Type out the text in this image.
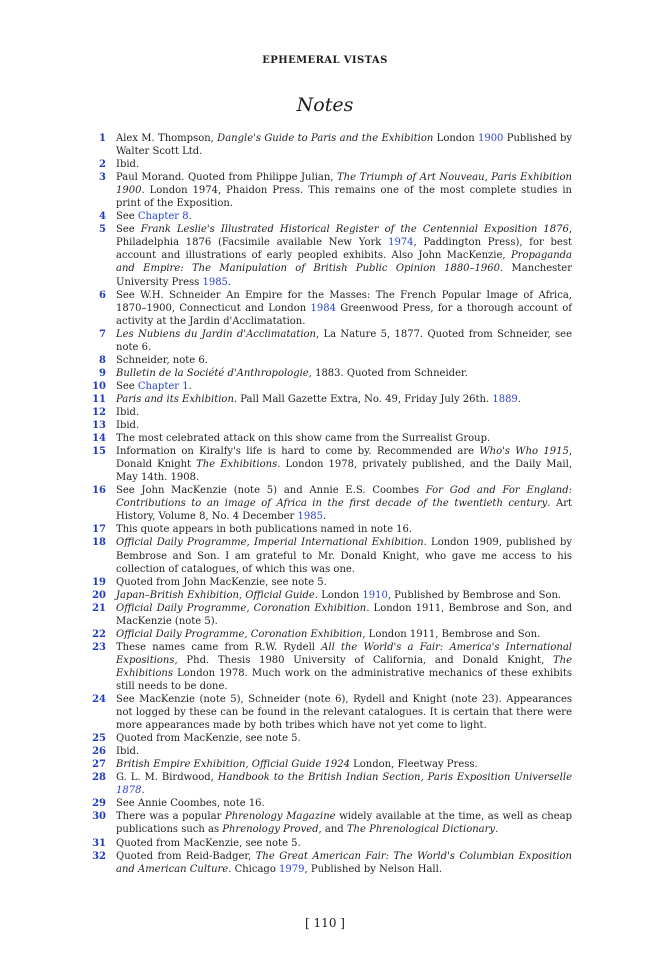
EPHEMERAL VISTAS
Notes
1	Alex M. Thompson, Dangle's Guide to Paris and the Exhibition London 1900 Published by Walter Scott Ltd.
2	Ibid.
3	Paul Morand. Quoted from Philippe Julian, The Triumph of Art Nouveau, Paris Exhibition 1900. London 1974, Phaidon Press. This remains one of the most complete studies in print of the Exposition.
4	See Chapter 8.
5	See Frank Leslie's Illustrated Historical Register of the Centennial Exposition 1876, Philadelphia 1876 (Facsimile available New York 1974, Paddington Press), for best account and illustrations of early peopled exhibits. Also John MacKenzie, Propaganda and Empire: The Manipulation of British Public Opinion 1880–1960. Manchester University Press 1985.
6	See W.H. Schneider An Empire for the Masses: The French Popular Image of Africa, 1870–1900, Connecticut and London 1984 Greenwood Press, for a thorough account of activity at the Jardin d'Acclimatation.
7	Les Nubiens du Jardin d'Acclimatation, La Nature 5, 1877. Quoted from Schneider, see note 6.
8	Schneider, note 6.
9	Bulletin de la Société d'Anthropologie, 1883. Quoted from Schneider.
10	See Chapter 1.
11	Paris and its Exhibition. Pall Mall Gazette Extra, No. 49, Friday July 26th. 1889.
12	Ibid.
13	Ibid.
14	The most celebrated attack on this show came from the Surrealist Group.
15	Information on Kiralfy's life is hard to come by. Recommended are Who's Who 1915, Donald Knight The Exhibitions. London 1978, privately published, and the Daily Mail, May 14th. 1908.
16	See John MacKenzie (note 5) and Annie E.S. Coombes For God and For England: Contributions to an image of Africa in the first decade of the twentieth century. Art History, Volume 8, No. 4 December 1985.
17	This quote appears in both publications named in note 16.
18	Official Daily Programme, Imperial International Exhibition. London 1909, published by Bembrose and Son. I am grateful to Mr. Donald Knight, who gave me access to his collection of catalogues, of which this was one.
19	Quoted from John MacKenzie, see note 5.
20	Japan–British Exhibition, Official Guide. London 1910, Published by Bembrose and Son.
21	Official Daily Programme, Coronation Exhibition. London 1911, Bembrose and Son, and MacKenzie (note 5).
22	Official Daily Programme, Coronation Exhibition, London 1911, Bembrose and Son.
23	These names came from R.W. Rydell All the World's a Fair: America's International Expositions, Phd. Thesis 1980 University of California, and Donald Knight, The Exhibitions London 1978. Much work on the administrative mechanics of these exhibits still needs to be done.
24	See MacKenzie (note 5), Schneider (note 6), Rydell and Knight (note 23). Appearances not logged by these can be found in the relevant catalogues. It is certain that there were more appearances made by both tribes which have not yet come to light.
25	Quoted from MacKenzie, see note 5.
26	Ibid.
27	British Empire Exhibition, Official Guide 1924 London, Fleetway Press.
28	G. L. M. Birdwood, Handbook to the British Indian Section, Paris Exposition Universelle 1878.
29	See Annie Coombes, note 16.
30	There was a popular Phrenology Magazine widely available at the time, as well as cheap publications such as Phrenology Proved, and The Phrenological Dictionary.
31	Quoted from MacKenzie, see note 5.
32	Quoted from Reid-Badger, The Great American Fair: The World's Columbian Exposition and American Culture. Chicago 1979, Published by Nelson Hall.
[ 110 ]
